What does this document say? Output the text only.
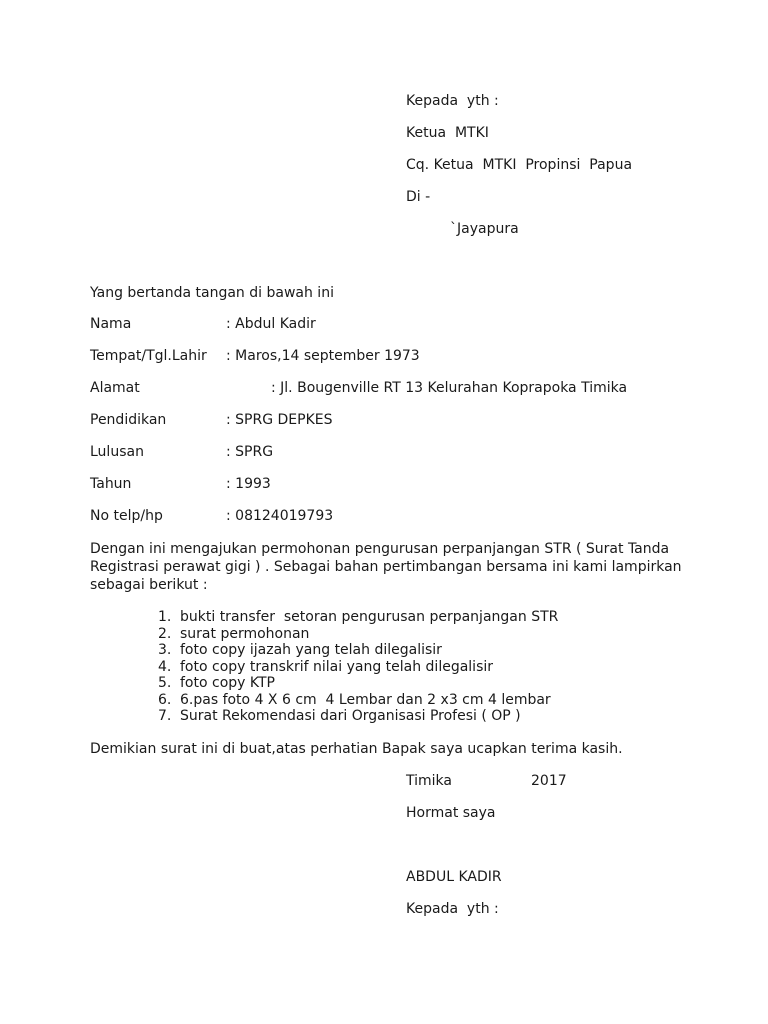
Kepada  yth :
Ketua  MTKI
Cq. Ketua  MTKI  Propinsi  Papua
Di -
`Jayapura
Yang bertanda tangan di bawah ini
Nama	: Abdul Kadir
Tempat/Tgl.Lahir : Maros,14 september 1973
Alamat	: Jl. Bougenville RT 13 Kelurahan Koprapoka Timika
Pendidikan	: SPRG DEPKES
Lulusan	: SPRG
Tahun	: 1993
No telp/hp	: 08124019793
Dengan ini mengajukan permohonan pengurusan perpanjangan STR ( Surat Tanda Registrasi perawat gigi ) . Sebagai bahan pertimbangan bersama ini kami lampirkan sebagai berikut :
1. bukti transfer  setoran pengurusan perpanjangan STR
2. surat permohonan
3. foto copy ijazah yang telah dilegalisir
4. foto copy transkrif nilai yang telah dilegalisir
5. foto copy KTP
6. 6.pas foto 4 X 6 cm  4 Lembar dan 2 x3 cm 4 lembar
7. Surat Rekomendasi dari Organisasi Profesi ( OP )
Demikian surat ini di buat,atas perhatian Bapak saya ucapkan terima kasih.
Timika	2017
Hormat saya
ABDUL KADIR
Kepada  yth :
